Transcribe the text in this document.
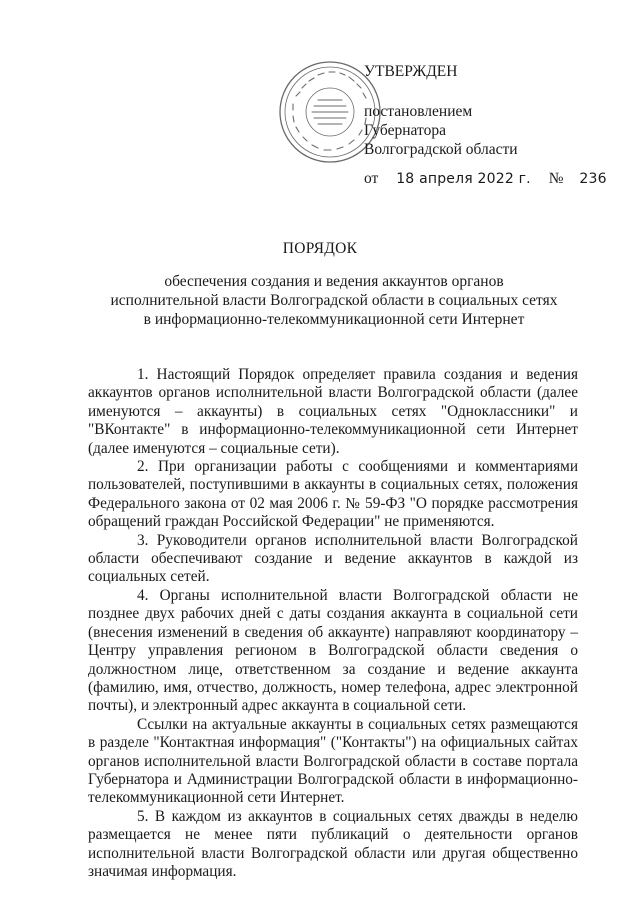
УТВЕРЖДЕН
постановлением
Губернатора
Волгоградской области
от 18 апреля 2022 г. № 236
ПОРЯДОК
обеспечения создания и ведения аккаунтов органов
исполнительной власти Волгоградской области в социальных сетях
в информационно-телекоммуникационной сети Интернет

1. Настоящий Порядок определяет правила создания и ведения аккаунтов органов исполнительной власти Волгоградской области (далее именуются – аккаунты) в социальных сетях "Одноклассники" и "ВКонтакте" в информационно-телекоммуникационной сети Интернет (далее именуются – социальные сети).

2. При организации работы с сообщениями и комментариями пользователей, поступившими в аккаунты в социальных сетях, положения Федерального закона от 02 мая 2006 г. № 59-ФЗ "О порядке рассмотрения обращений граждан Российской Федерации" не применяются.

3. Руководители органов исполнительной власти Волгоградской области обеспечивают создание и ведение аккаунтов в каждой из социальных сетей.

4. Органы исполнительной власти Волгоградской области не позднее двух рабочих дней с даты создания аккаунта в социальной сети (внесения изменений в сведения об аккаунте) направляют координатору – Центру управления регионом в Волгоградской области сведения о должностном лице, ответственном за создание и ведение аккаунта (фамилию, имя, отчество, должность, номер телефона, адрес электронной почты), и электронный адрес аккаунта в социальной сети.

Ссылки на актуальные аккаунты в социальных сетях размещаются в разделе "Контактная информация" ("Контакты") на официальных сайтах органов исполнительной власти Волгоградской области в составе портала Губернатора и Администрации Волгоградской области в информационно-телекоммуникационной сети Интернет.

5. В каждом из аккаунтов в социальных сетях дважды в неделю размещается не менее пяти публикаций о деятельности органов исполнительной власти Волгоградской области или другая общественно значимая информация.
